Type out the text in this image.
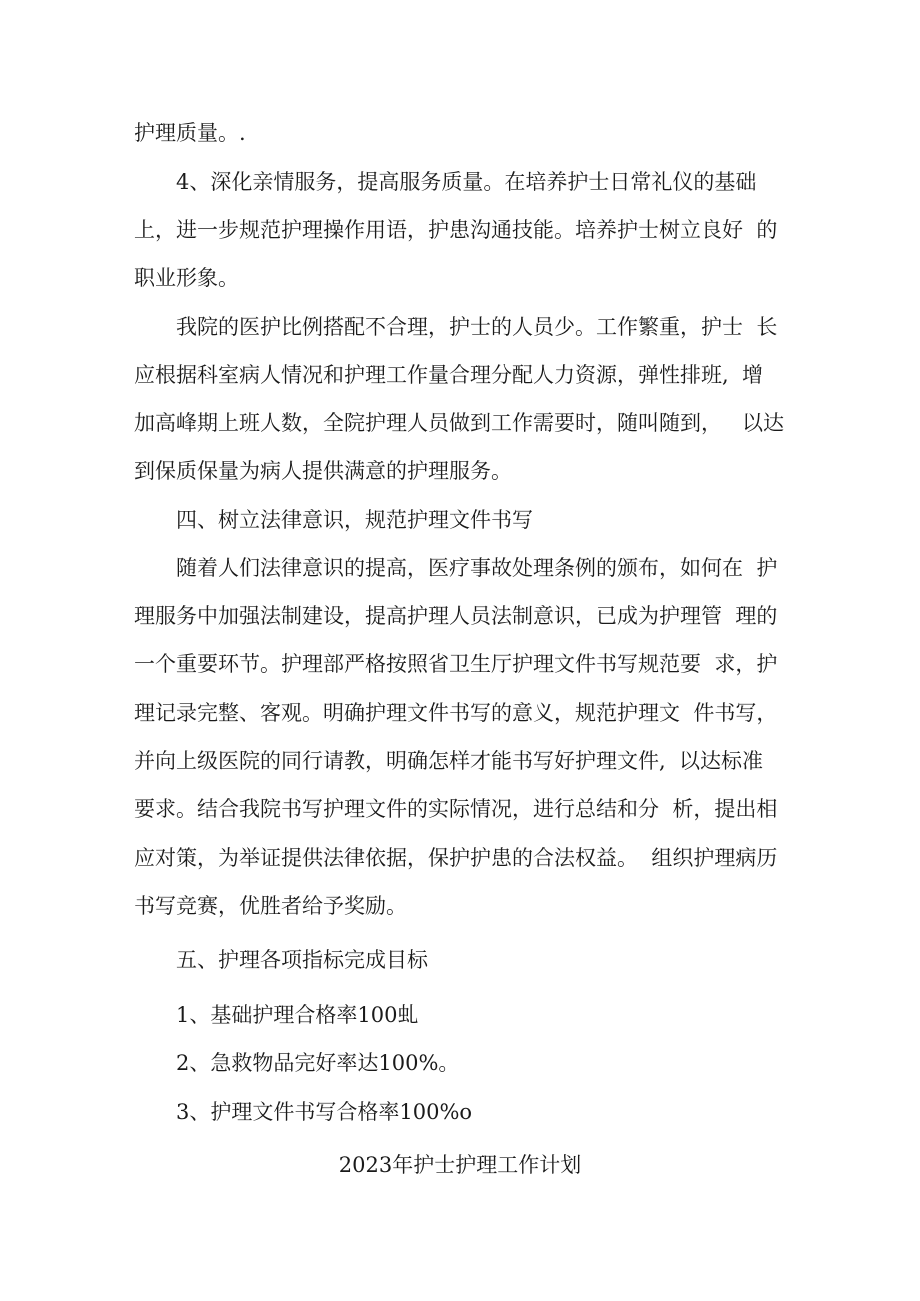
护理质量。.
4、深化亲情服务，提高服务质量。在培养护士日常礼仪的基础
上，进一步规范护理操作用语，护患沟通技能。培养护士树立良好  的
职业形象。
我院的医护比例搭配不合理，护士的人员少。工作繁重，护士  长
应根据科室病人情况和护理工作量合理分配人力资源，弹性排班,  增
加高峰期上班人数，全院护理人员做到工作需要时，随叫随到，   以达
到保质保量为病人提供满意的护理服务。
四、树立法律意识，规范护理文件书写
随着人们法律意识的提高，医疗事故处理条例的颁布，如何在  护
理服务中加强法制建设，提高护理人员法制意识，已成为护理管  理的
一个重要环节。护理部严格按照省卫生厅护理文件书写规范要  求，护
理记录完整、客观。明确护理文件书写的意义，规范护理文  件书写，
并向上级医院的同行请教，明确怎样才能书写好护理文件,  以达标准
要求。结合我院书写护理文件的实际情况，进行总结和分  析，提出相
应对策，为举证提供法律依据，保护护患的合法权益。  组织护理病历
书写竞赛，优胜者给予奖励。
五、护理各项指标完成目标
1、基础护理合格率100虬
2、急救物品完好率达100%。
3、护理文件书写合格率100%o
2023年护士护理工作计划
